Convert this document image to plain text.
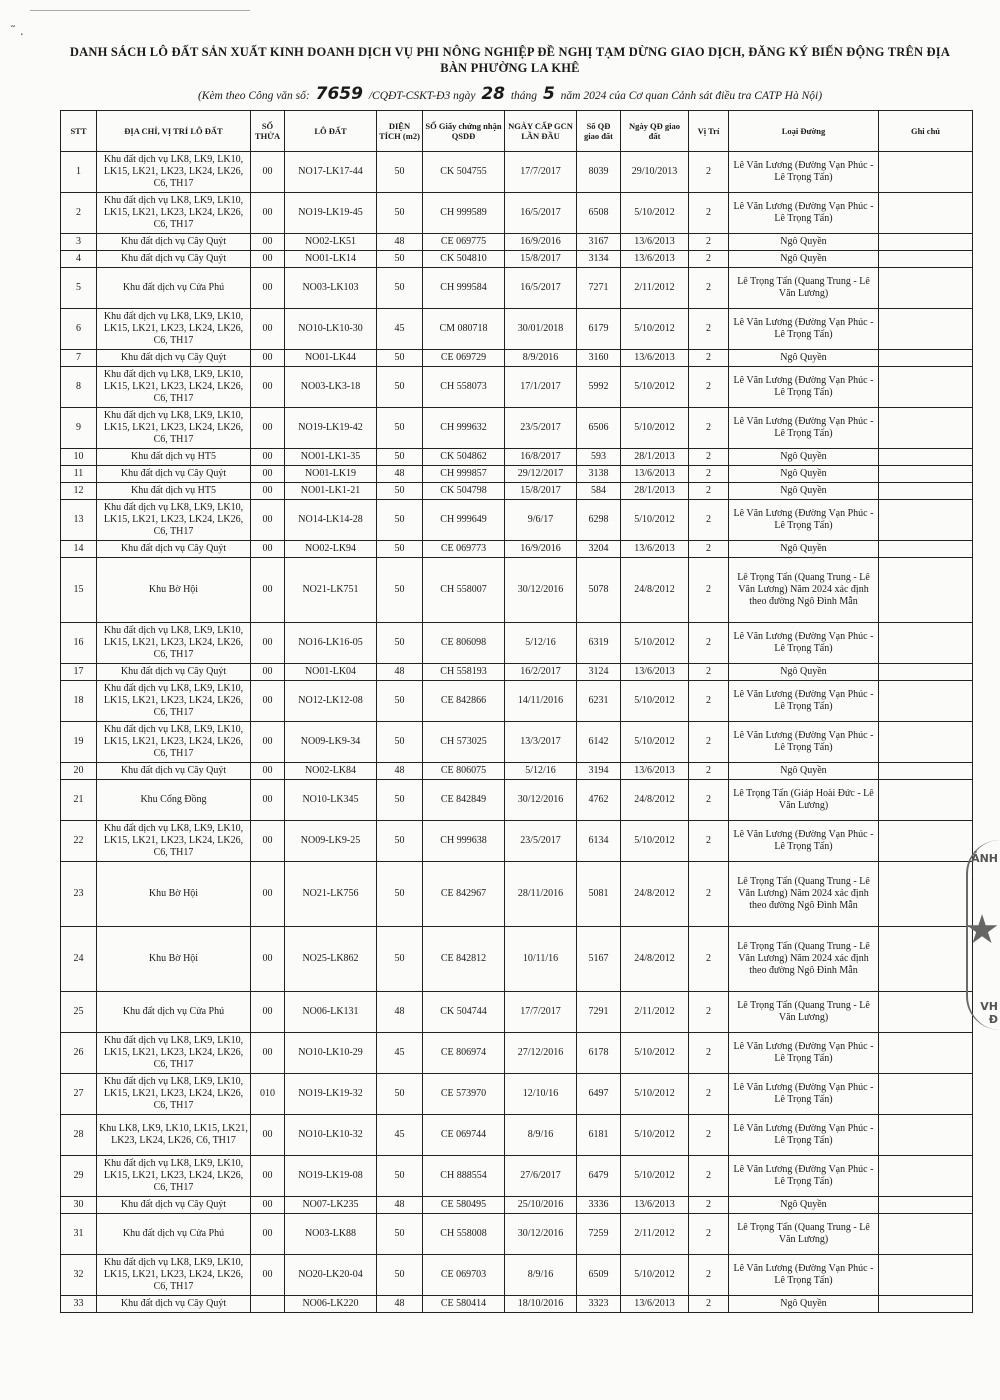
˜ .
DANH SÁCH LÔ ĐẤT SẢN XUẤT KINH DOANH DỊCH VỤ PHI NÔNG NGHIỆP ĐỀ NGHỊ TẠM DỪNG GIAO DỊCH, ĐĂNG KÝ BIẾN ĐỘNG TRÊN ĐỊA BÀN PHƯỜNG LA KHÊ
(Kèm theo Công văn số: 7659 /CQĐT-CSKT-Đ3 ngày 28 tháng 5 năm 2024 của Cơ quan Cảnh sát điều tra CATP Hà Nội)
STT	ĐỊA CHỈ, VỊ TRÍ LÔ ĐẤT	SỐ THỬA	LÔ ĐẤT	DIỆN TÍCH (m2)	SỐ Giấy chứng nhận QSDĐ	NGÀY CẤP GCN LẦN ĐẦU	Số QĐ giao đất	Ngày QĐ giao đất	Vị Trí	Loại Đường	Ghi chú
1	Khu đất dịch vụ LK8, LK9, LK10, LK15, LK21, LK23, LK24, LK26, C6, TH17	00	NO17-LK17-44	50	CK 504755	17/7/2017	8039	29/10/2013	2	Lê Văn Lương (Đường Vạn Phúc - Lê Trọng Tấn)	
2	Khu đất dịch vụ LK8, LK9, LK10, LK15, LK21, LK23, LK24, LK26, C6, TH17	00	NO19-LK19-45	50	CH 999589	16/5/2017	6508	5/10/2012	2	Lê Văn Lương (Đường Vạn Phúc - Lê Trọng Tấn)	
3	Khu đất dịch vụ Cây Quýt	00	NO02-LK51	48	CE 069775	16/9/2016	3167	13/6/2013	2	Ngô Quyền	
4	Khu đất dịch vụ Cây Quýt	00	NO01-LK14	50	CK 504810	15/8/2017	3134	13/6/2013	2	Ngô Quyền	
5	Khu đất dịch vụ Cửa Phú	00	NO03-LK103	50	CH 999584	16/5/2017	7271	2/11/2012	2	Lê Trọng Tấn (Quang Trung - Lê Văn Lương)	
6	Khu đất dịch vụ LK8, LK9, LK10, LK15, LK21, LK23, LK24, LK26, C6, TH17	00	NO10-LK10-30	45	CM 080718	30/01/2018	6179	5/10/2012	2	Lê Văn Lương (Đường Vạn Phúc - Lê Trọng Tấn)	
7	Khu đất dịch vụ Cây Quýt	00	NO01-LK44	50	CE 069729	8/9/2016	3160	13/6/2013	2	Ngô Quyền	
8	Khu đất dịch vụ LK8, LK9, LK10, LK15, LK21, LK23, LK24, LK26, C6, TH17	00	NO03-LK3-18	50	CH 558073	17/1/2017	5992	5/10/2012	2	Lê Văn Lương (Đường Vạn Phúc - Lê Trọng Tấn)	
9	Khu đất dịch vụ LK8, LK9, LK10, LK15, LK21, LK23, LK24, LK26, C6, TH17	00	NO19-LK19-42	50	CH 999632	23/5/2017	6506	5/10/2012	2	Lê Văn Lương (Đường Vạn Phúc - Lê Trọng Tấn)	
10	Khu đất dịch vụ HT5	00	NO01-LK1-35	50	CK 504862	16/8/2017	593	28/1/2013	2	Ngô Quyền	
11	Khu đất dịch vụ Cây Quýt	00	NO01-LK19	48	CH 999857	29/12/2017	3138	13/6/2013	2	Ngô Quyền	
12	Khu đất dịch vụ HT5	00	NO01-LK1-21	50	CK 504798	15/8/2017	584	28/1/2013	2	Ngô Quyền	
13	Khu đất dịch vụ LK8, LK9, LK10, LK15, LK21, LK23, LK24, LK26, C6, TH17	00	NO14-LK14-28	50	CH 999649	9/6/17	6298	5/10/2012	2	Lê Văn Lương (Đường Vạn Phúc - Lê Trọng Tấn)	
14	Khu đất dịch vụ Cây Quýt	00	NO02-LK94	50	CE 069773	16/9/2016	3204	13/6/2013	2	Ngô Quyền	
15	Khu Bờ Hội	00	NO21-LK751	50	CH 558007	30/12/2016	5078	24/8/2012	2	Lê Trọng Tấn (Quang Trung - Lê Văn Lương) Năm 2024 xác định theo đường Ngô Đình Mẫn	
16	Khu đất dịch vụ LK8, LK9, LK10, LK15, LK21, LK23, LK24, LK26, C6, TH17	00	NO16-LK16-05	50	CE 806098	5/12/16	6319	5/10/2012	2	Lê Văn Lương (Đường Vạn Phúc - Lê Trọng Tấn)	
17	Khu đất dịch vụ Cây Quýt	00	NO01-LK04	48	CH 558193	16/2/2017	3124	13/6/2013	2	Ngô Quyền	
18	Khu đất dịch vụ LK8, LK9, LK10, LK15, LK21, LK23, LK24, LK26, C6, TH17	00	NO12-LK12-08	50	CE 842866	14/11/2016	6231	5/10/2012	2	Lê Văn Lương (Đường Vạn Phúc - Lê Trọng Tấn)	
19	Khu đất dịch vụ LK8, LK9, LK10, LK15, LK21, LK23, LK24, LK26, C6, TH17	00	NO09-LK9-34	50	CH 573025	13/3/2017	6142	5/10/2012	2	Lê Văn Lương (Đường Vạn Phúc - Lê Trọng Tấn)	
20	Khu đất dịch vụ Cây Quýt	00	NO02-LK84	48	CE 806075	5/12/16	3194	13/6/2013	2	Ngô Quyền	
21	Khu Cổng Đồng	00	NO10-LK345	50	CE 842849	30/12/2016	4762	24/8/2012	2	Lê Trọng Tấn (Giáp Hoài Đức - Lê Văn Lương)	
22	Khu đất dịch vụ LK8, LK9, LK10, LK15, LK21, LK23, LK24, LK26, C6, TH17	00	NO09-LK9-25	50	CH 999638	23/5/2017	6134	5/10/2012	2	Lê Văn Lương (Đường Vạn Phúc - Lê Trọng Tấn)	
23	Khu Bờ Hội	00	NO21-LK756	50	CE 842967	28/11/2016	5081	24/8/2012	2	Lê Trọng Tấn (Quang Trung - Lê Văn Lương) Năm 2024 xác định theo đường Ngô Đình Mẫn	
24	Khu Bờ Hội	00	NO25-LK862	50	CE 842812	10/11/16	5167	24/8/2012	2	Lê Trọng Tấn (Quang Trung - Lê Văn Lương) Năm 2024 xác định theo đường Ngô Đình Mẫn	
25	Khu đất dịch vụ Cửa Phú	00	NO06-LK131	48	CK 504744	17/7/2017	7291	2/11/2012	2	Lê Trọng Tấn (Quang Trung - Lê Văn Lương)	
26	Khu đất dịch vụ LK8, LK9, LK10, LK15, LK21, LK23, LK24, LK26, C6, TH17	00	NO10-LK10-29	45	CE 806974	27/12/2016	6178	5/10/2012	2	Lê Văn Lương (Đường Vạn Phúc - Lê Trọng Tấn)	
27	Khu đất dịch vụ LK8, LK9, LK10, LK15, LK21, LK23, LK24, LK26, C6, TH17	010	NO19-LK19-32	50	CE 573970	12/10/16	6497	5/10/2012	2	Lê Văn Lương (Đường Vạn Phúc - Lê Trọng Tấn)	
28	Khu LK8, LK9, LK10, LK15, LK21, LK23, LK24, LK26, C6, TH17	00	NO10-LK10-32	45	CE 069744	8/9/16	6181	5/10/2012	2	Lê Văn Lương (Đường Vạn Phúc - Lê Trọng Tấn)	
29	Khu đất dịch vụ LK8, LK9, LK10, LK15, LK21, LK23, LK24, LK26, C6, TH17	00	NO19-LK19-08	50	CH 888554	27/6/2017	6479	5/10/2012	2	Lê Văn Lương (Đường Vạn Phúc - Lê Trọng Tấn)	
30	Khu đất dịch vụ Cây Quýt	00	NO07-LK235	48	CE 580495	25/10/2016	3336	13/6/2013	2	Ngô Quyền	
31	Khu đất dịch vụ Cửa Phú	00	NO03-LK88	50	CH 558008	30/12/2016	7259	2/11/2012	2	Lê Trọng Tấn (Quang Trung - Lê Văn Lương)	
32	Khu đất dịch vụ LK8, LK9, LK10, LK15, LK21, LK23, LK24, LK26, C6, TH17	00	NO20-LK20-04	50	CE 069703	8/9/16	6509	5/10/2012	2	Lê Văn Lương (Đường Vạn Phúc - Lê Trọng Tấn)	
33	Khu đất dịch vụ Cây Quýt		NO06-LK220	48	CE 580414	18/10/2016	3323	13/6/2013	2	Ngô Quyền	
ẢNH
★
VH Đ
